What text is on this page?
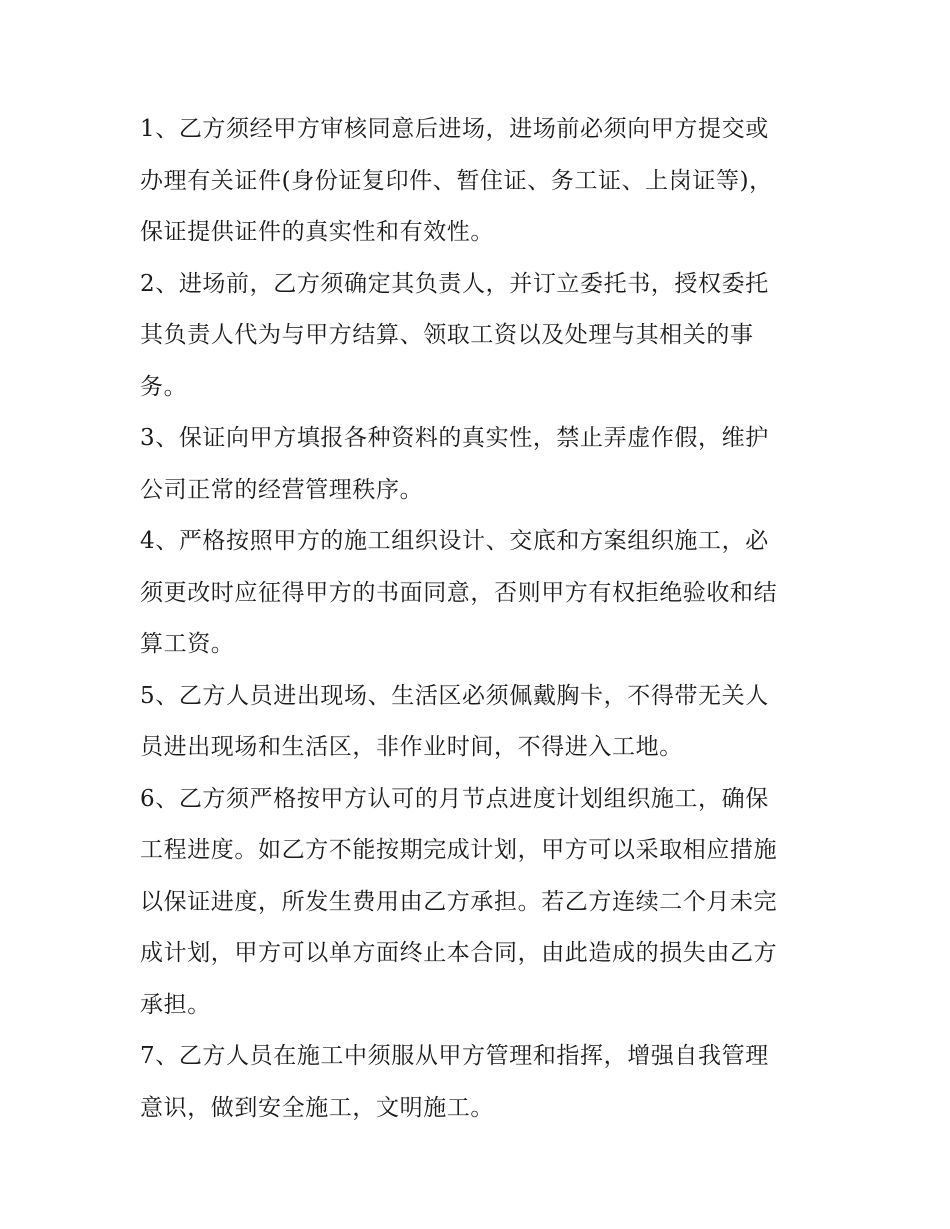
1、乙方须经甲方审核同意后进场，进场前必须向甲方提交或
办理有关证件(身份证复印件、暂住证、务工证、上岗证等)，
保证提供证件的真实性和有效性。

2、进场前，乙方须确定其负责人，并订立委托书，授权委托
其负责人代为与甲方结算、领取工资以及处理与其相关的事
务。

3、保证向甲方填报各种资料的真实性，禁止弄虚作假，维护
公司正常的经营管理秩序。

4、严格按照甲方的施工组织设计、交底和方案组织施工，必
须更改时应征得甲方的书面同意，否则甲方有权拒绝验收和结
算工资。

5、乙方人员进出现场、生活区必须佩戴胸卡，不得带无关人
员进出现场和生活区，非作业时间，不得进入工地。

6、乙方须严格按甲方认可的月节点进度计划组织施工，确保
工程进度。如乙方不能按期完成计划，甲方可以采取相应措施
以保证进度，所发生费用由乙方承担。若乙方连续二个月未完
成计划，甲方可以单方面终止本合同，由此造成的损失由乙方
承担。

7、乙方人员在施工中须服从甲方管理和指挥，增强自我管理
意识，做到安全施工，文明施工。
